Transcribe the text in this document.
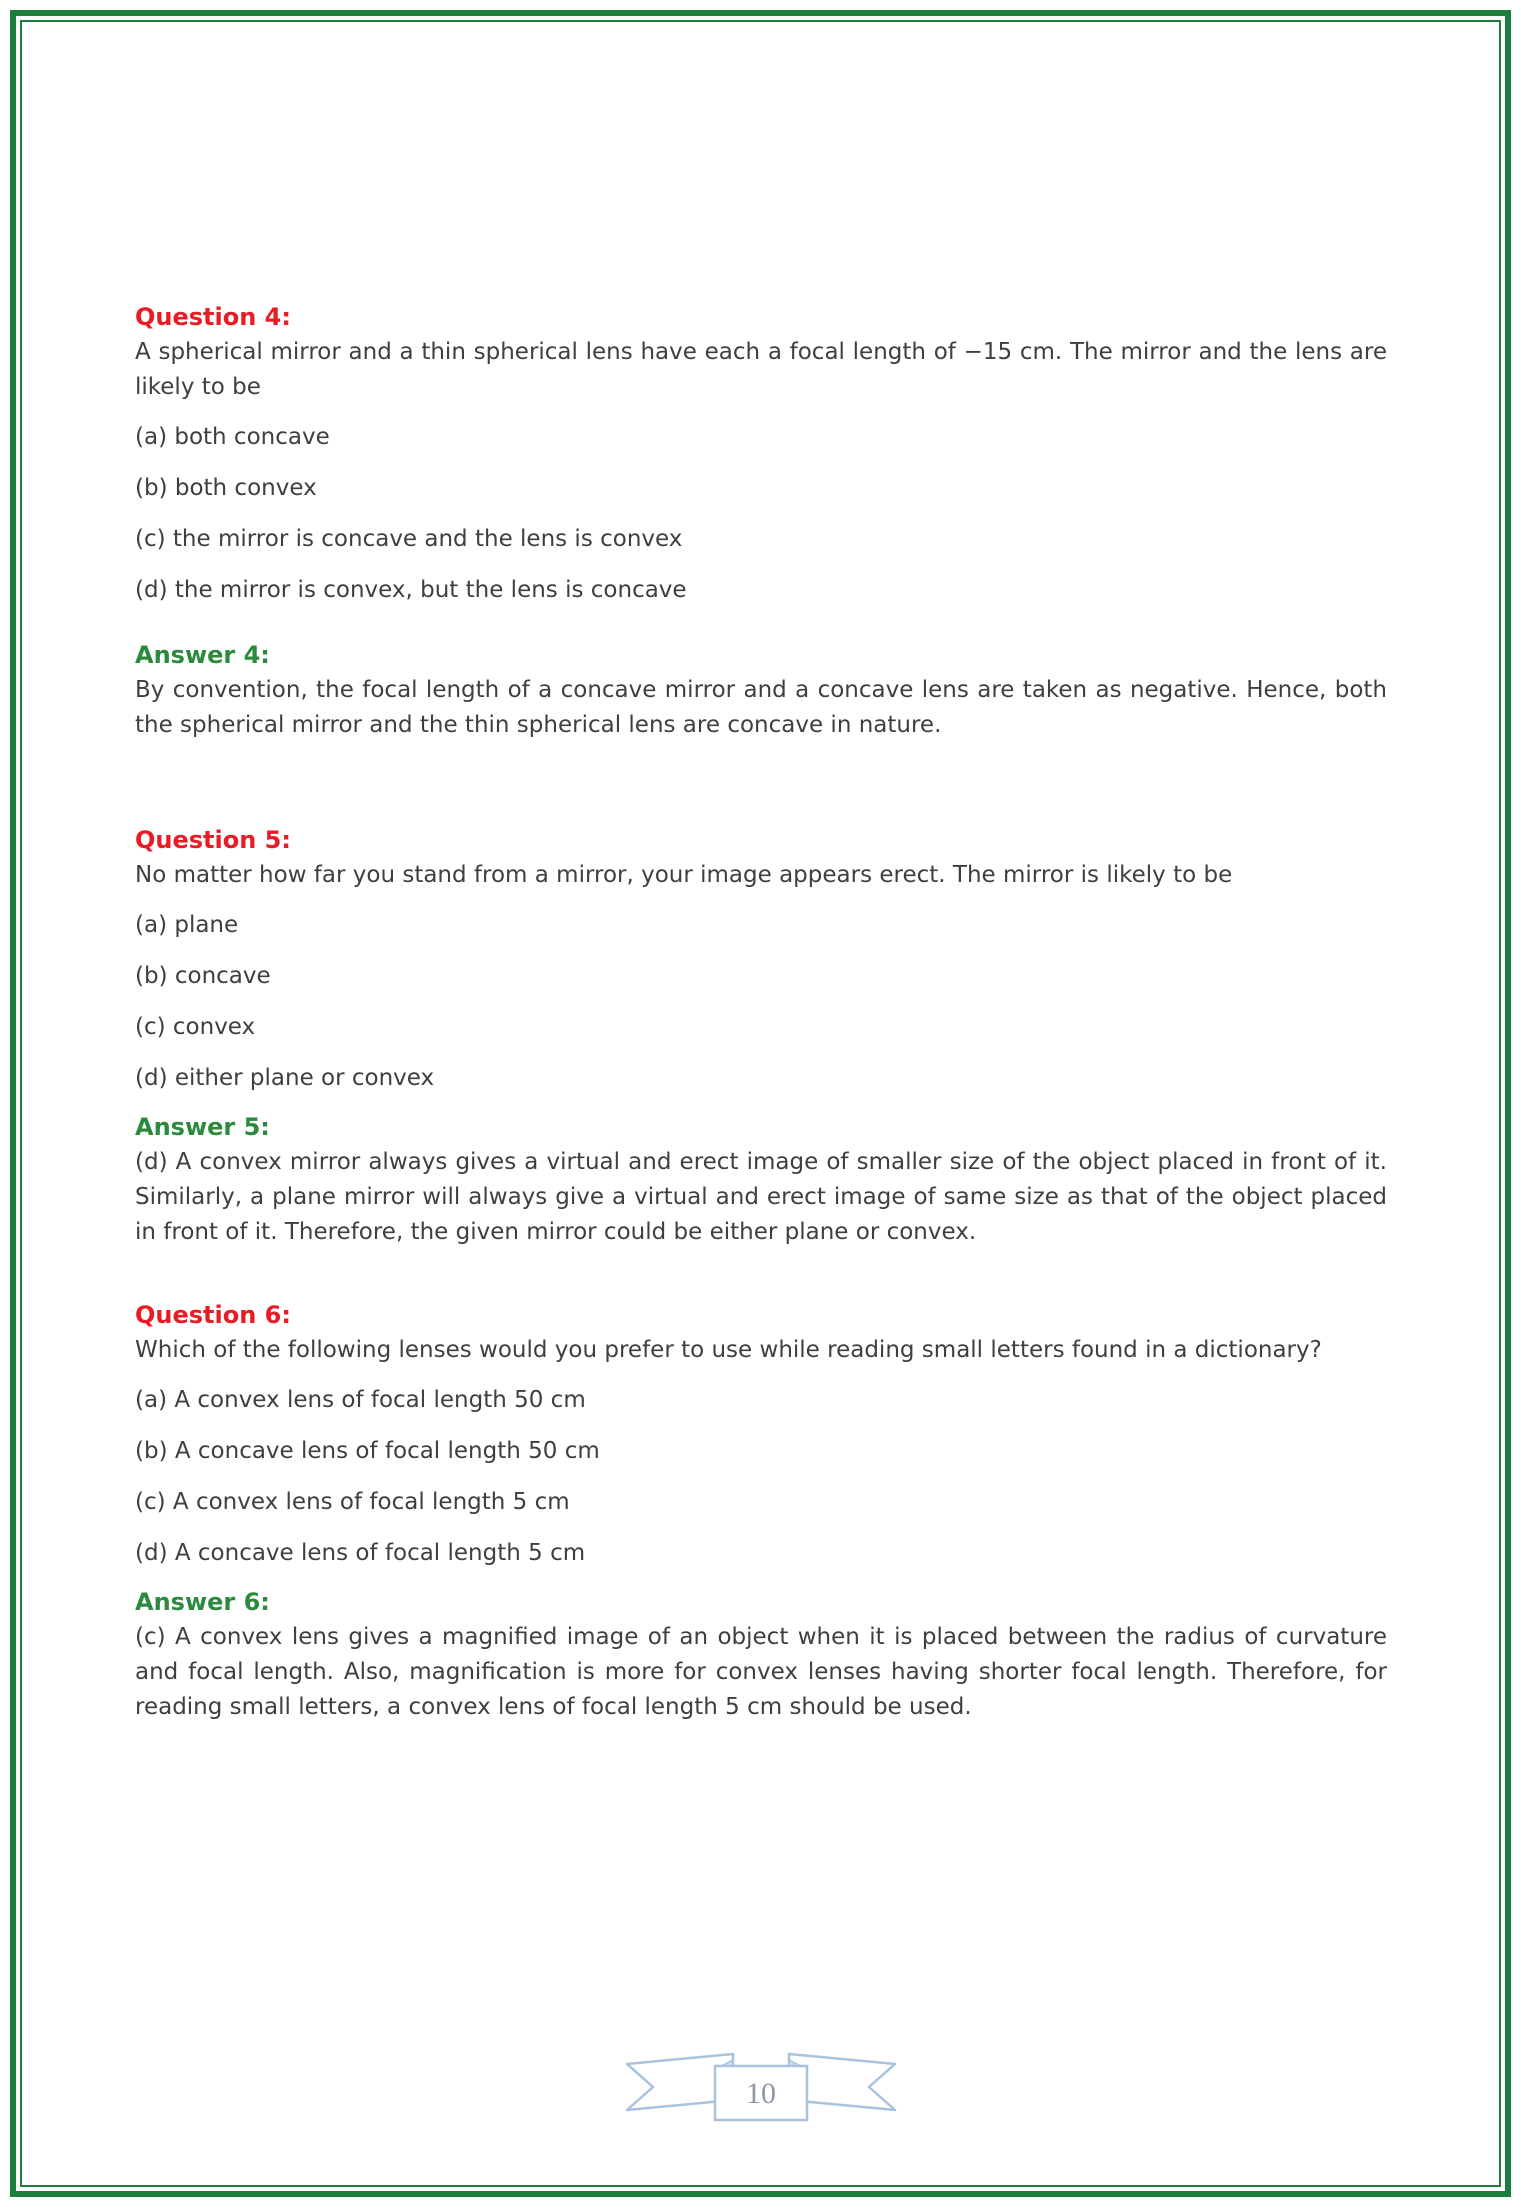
Question 4:

A spherical mirror and a thin spherical lens have each a focal length of −15 cm. The mirror and the lens are likely to be

(a) both concave

(b) both convex

(c) the mirror is concave and the lens is convex

(d) the mirror is convex, but the lens is concave

Answer 4:

By convention, the focal length of a concave mirror and a concave lens are taken as negative. Hence, both the spherical mirror and the thin spherical lens are concave in nature.

Question 5:

No matter how far you stand from a mirror, your image appears erect. The mirror is likely to be

(a) plane

(b) concave

(c) convex

(d) either plane or convex

Answer 5:

(d) A convex mirror always gives a virtual and erect image of smaller size of the object placed in front of it. Similarly, a plane mirror will always give a virtual and erect image of same size as that of the object placed in front of it. Therefore, the given mirror could be either plane or convex.

Question 6:

Which of the following lenses would you prefer to use while reading small letters found in a dictionary?

(a) A convex lens of focal length 50 cm

(b) A concave lens of focal length 50 cm

(c) A convex lens of focal length 5 cm

(d) A concave lens of focal length 5 cm

Answer 6:

(c) A convex lens gives a magnified image of an object when it is placed between the radius of curvature and focal length. Also, magnification is more for convex lenses having shorter focal length. Therefore, for reading small letters, a convex lens of focal length 5 cm should be used.

10
